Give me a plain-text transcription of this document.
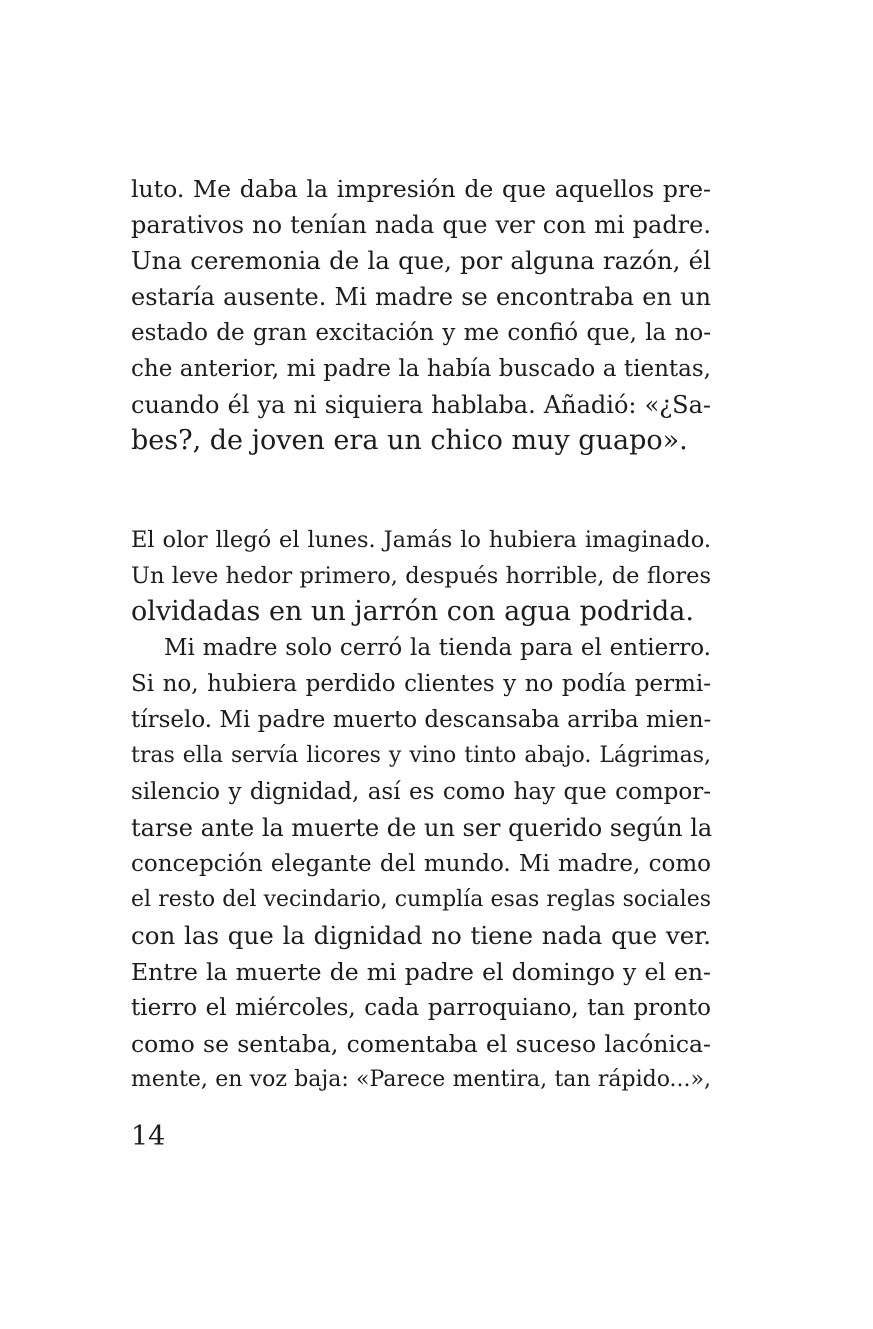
luto. Me daba la impresión de que aquellos pre-
parativos no tenían nada que ver con mi padre.
Una ceremonia de la que, por alguna razón, él
estaría ausente. Mi madre se encontraba en un
estado de gran excitación y me confió que, la no-
che anterior, mi padre la había buscado a tientas,
cuando él ya ni siquiera hablaba. Añadió: «¿Sa-
bes?, de joven era un chico muy guapo».
El olor llegó el lunes. Jamás lo hubiera imaginado.
Un leve hedor primero, después horrible, de flores
olvidadas en un jarrón con agua podrida.
Mi madre solo cerró la tienda para el entierro.
Si no, hubiera perdido clientes y no podía permi-
tírselo. Mi padre muerto descansaba arriba mien-
tras ella servía licores y vino tinto abajo. Lágrimas,
silencio y dignidad, así es como hay que compor-
tarse ante la muerte de un ser querido según la
concepción elegante del mundo. Mi madre, como
el resto del vecindario, cumplía esas reglas sociales
con las que la dignidad no tiene nada que ver.
Entre la muerte de mi padre el domingo y el en-
tierro el miércoles, cada parroquiano, tan pronto
como se sentaba, comentaba el suceso lacónica-
mente, en voz baja: «Parece mentira, tan rápido...»,
14
